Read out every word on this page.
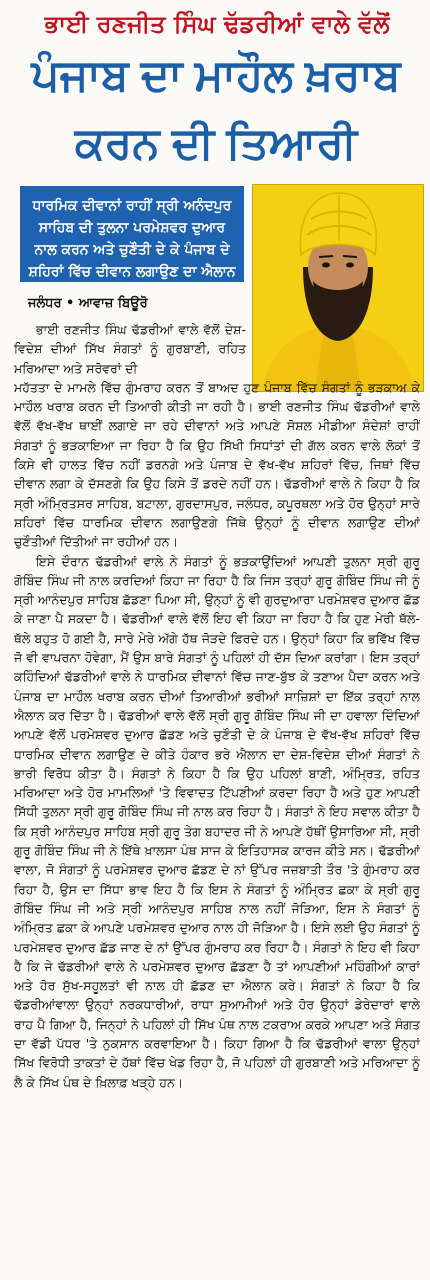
ਭਾਈ ਰਣਜੀਤ ਸਿੰਘ ਢੱਡਰੀਆਂ ਵਾਲੇ ਵੱਲੋਂ
ਪੰਜਾਬ ਦਾ ਮਾਹੌਲ ਖ਼ਰਾਬ
ਕਰਨ ਦੀ ਤਿਆਰੀ
ਧਾਰਮਿਕ ਦੀਵਾਨਾਂ ਰਾਹੀਂ ਸ੍ਰੀ ਅਨੰਦਪੁਰ
ਸਾਹਿਬ ਦੀ ਤੁਲਨਾ ਪਰਮੇਸ਼ਵਰ ਦੁਆਰ
ਨਾਲ ਕਰਨ ਅਤੇ ਚੁਣੌਤੀ ਦੇ ਕੇ ਪੰਜਾਬ ਦੇ
ਸ਼ਹਿਰਾਂ ਵਿੱਚ ਦੀਵਾਨ ਲਗਾਉਣ ਦਾ ਐਲਾਨ
ਜਲੰਧਰ • ਆਵਾਜ਼ ਬਿਊਰੋ

ਭਾਈ ਰਣਜੀਤ ਸਿੰਘ ਢੱਡਰੀਆਂ ਵਾਲੇ ਵੱਲੋਂ ਦੇਸ਼-ਵਿਦੇਸ਼ ਦੀਆਂ ਸਿੱਖ ਸੰਗਤਾਂ ਨੂੰ ਗੁਰਬਾਣੀ, ਰਹਿਤ ਮਰਿਆਦਾ ਅਤੇ ਸਰੋਵਰਾਂ ਦੀ

ਮਹੱਤਤਾ ਦੇ ਮਾਮਲੇ ਵਿੱਚ ਗੁੰਮਰਾਹ ਕਰਨ ਤੋਂ ਬਾਅਦ ਹੁਣ ਪੰਜਾਬ ਵਿੱਚ ਸੰਗਤਾਂ ਨੂੰ ਭੜਕਾਅ ਕੇ ਮਾਹੌਲ ਖਰਾਬ ਕਰਨ ਦੀ ਤਿਆਰੀ ਕੀਤੀ ਜਾ ਰਹੀ ਹੈ। ਭਾਈ ਰਣਜੀਤ ਸਿੰਘ ਢੱਡਰੀਆਂ ਵਾਲੇ ਵੱਲੋਂ ਵੱਖ-ਵੱਖ ਥਾਈਂ ਲਗਾਏ ਜਾ ਰਹੇ ਦੀਵਾਨਾਂ ਅਤੇ ਆਪਣੇ ਸੋਸ਼ਲ ਮੀਡੀਆ ਸੰਦੇਸ਼ਾਂ ਰਾਹੀਂ ਸੰਗਤਾਂ ਨੂੰ ਭੜਕਾਇਆ ਜਾ ਰਿਹਾ ਹੈ ਕਿ ਉਹ ਸਿੱਖੀ ਸਿਧਾਂਤਾਂ ਦੀ ਗੱਲ ਕਰਨ ਵਾਲੇ ਲੋਕਾਂ ਤੋਂ ਕਿਸੇ ਵੀ ਹਾਲਤ ਵਿੱਚ ਨਹੀਂ ਡਰਨਗੇ ਅਤੇ ਪੰਜਾਬ ਦੇ ਵੱਖ-ਵੱਖ ਸ਼ਹਿਰਾਂ ਵਿੱਚ, ਜਿਥਾਂ ਵਿੱਚ ਦੀਵਾਨ ਲਗਾ ਕੇ ਦੱਸਣਗੇ ਕਿ ਉਹ ਕਿਸੇ ਤੋਂ ਡਰਦੇ ਨਹੀਂ ਹਨ। ਢੱਡਰੀਆਂ ਵਾਲੇ ਨੇ ਕਿਹਾ ਹੈ ਕਿ ਸ੍ਰੀ ਅੰਮ੍ਰਿਤਸਰ ਸਾਹਿਬ, ਬਟਾਲਾ, ਗੁਰਦਾਸਪੁਰ, ਜਲੰਧਰ, ਕਪੂਰਥਲਾ ਅਤੇ ਹੋਰ ਉਨ੍ਹਾਂ ਸਾਰੇ ਸ਼ਹਿਰਾਂ ਵਿੱਚ ਧਾਰਮਿਕ ਦੀਵਾਨ ਲਗਾਉਣਗੇ ਜਿੱਥੇ ਉਨ੍ਹਾਂ ਨੂੰ ਦੀਵਾਨ ਲਗਾਉਣ ਦੀਆਂ ਚੁਣੌਤੀਆਂ ਦਿੱਤੀਆਂ ਜਾ ਰਹੀਆਂ ਹਨ।

ਇਸੇ ਦੌਰਾਨ ਢੱਡਰੀਆਂ ਵਾਲੇ ਨੇ ਸੰਗਤਾਂ ਨੂੰ ਭੜਕਾਉਂਦਿਆਂ ਆਪਣੀ ਤੁਲਨਾ ਸ੍ਰੀ ਗੁਰੂ ਗੋਬਿੰਦ ਸਿੰਘ ਜੀ ਨਾਲ ਕਰਦਿਆਂ ਕਿਹਾ ਜਾ ਰਿਹਾ ਹੈ ਕਿ ਜਿਸ ਤਰ੍ਹਾਂ ਗੁਰੂ ਗੋਬਿੰਦ ਸਿੰਘ ਜੀ ਨੂੰ ਸ੍ਰੀ ਆਨੰਦਪੁਰ ਸਾਹਿਬ ਛੱਡਣਾ ਪਿਆ ਸੀ, ਉਨ੍ਹਾਂ ਨੂੰ ਵੀ ਗੁਰਦੁਆਰਾ ਪਰਮੇਸ਼ਵਰ ਦੁਆਰ ਛੱਡ ਕੇ ਜਾਣਾ ਪੈ ਸਕਦਾ ਹੈ। ਢੱਡਰੀਆਂ ਵਾਲੇ ਵੱਲੋਂ ਇਹ ਵੀ ਕਿਹਾ ਜਾ ਰਿਹਾ ਹੈ ਕਿ ਹੁਣ ਮੇਰੀ ਥੱਲੇ-ਥੱਲੇ ਬਹੁਤ ਹੋ ਗਈ ਹੈ, ਸਾਰੇ ਮੇਰੇ ਅੱਗੇ ਹੱਥ ਜੋੜਦੇ ਫਿਰਦੇ ਹਨ। ਉਨ੍ਹਾਂ ਕਿਹਾ ਕਿ ਭਵਿੱਖ ਵਿੱਚ ਜੋ ਵੀ ਵਾਪਰਨਾ ਹੋਵੇਗਾ, ਮੈਂ ਉਸ ਬਾਰੇ ਸੰਗਤਾਂ ਨੂੰ ਪਹਿਲਾਂ ਹੀ ਦੱਸ ਦਿਆ ਕਰਾਂਗਾ। ਇਸ ਤਰ੍ਹਾਂ ਕਹਿੰਦਿਆਂ ਢੱਡਰੀਆਂ ਵਾਲੇ ਨੇ ਧਾਰਮਿਕ ਦੀਵਾਨਾਂ ਵਿੱਚ ਜਾਣ-ਬੁੱਝ ਕੇ ਤਣਾਅ ਪੈਦਾ ਕਰਨ ਅਤੇ ਪੰਜਾਬ ਦਾ ਮਾਹੌਲ ਖਰਾਬ ਕਰਨ ਦੀਆਂ ਤਿਆਰੀਆਂ ਭਰੀਆਂ ਸਾਜ਼ਿਸ਼ਾਂ ਦਾ ਇੱਕ ਤਰ੍ਹਾਂ ਨਾਲ ਐਲਾਨ ਕਰ ਦਿੱਤਾ ਹੈ। ਢੱਡਰੀਆਂ ਵਾਲੇ ਵੱਲੋਂ ਸ੍ਰੀ ਗੁਰੂ ਗੋਬਿੰਦ ਸਿੰਘ ਜੀ ਦਾ ਹਵਾਲਾ ਦਿੰਦਿਆਂ ਆਪਣੇ ਵੱਲੋਂ ਪਰਮੇਸ਼ਵਰ ਦੁਆਰ ਛੱਡਣ ਅਤੇ ਚੁਣੌਤੀ ਦੇ ਕੇ ਪੰਜਾਬ ਦੇ ਵੱਖ-ਵੱਖ ਸ਼ਹਿਰਾਂ ਵਿੱਚ ਧਾਰਮਿਕ ਦੀਵਾਨ ਲਗਾਉਣ ਦੇ ਕੀਤੇ ਹੰਕਾਰ ਭਰੇ ਐਲਾਨ ਦਾ ਦੇਸ਼-ਵਿਦੇਸ਼ ਦੀਆਂ ਸੰਗਤਾਂ ਨੇ ਭਾਰੀ ਵਿਰੋਧ ਕੀਤਾ ਹੈ। ਸੰਗਤਾਂ ਨੇ ਕਿਹਾ ਹੈ ਕਿ ਉਹ ਪਹਿਲਾਂ ਬਾਣੀ, ਅੰਮ੍ਰਿਤ, ਰਹਿਤ ਮਰਿਆਦਾ ਅਤੇ ਹੋਰ ਮਾਮਲਿਆਂ 'ਤੇ ਵਿਵਾਦਤ ਟਿੱਪਣੀਆਂ ਕਰਦਾ ਰਿਹਾ ਹੈ ਅਤੇ ਹੁਣ ਆਪਣੀ ਸਿੱਧੀ ਤੁਲਨਾ ਸ੍ਰੀ ਗੁਰੂ ਗੋਬਿੰਦ ਸਿੰਘ ਜੀ ਨਾਲ ਕਰ ਰਿਹਾ ਹੈ। ਸੰਗਤਾਂ ਨੇ ਇਹ ਸਵਾਲ ਕੀਤਾ ਹੈ ਕਿ ਸ੍ਰੀ ਆਨੰਦਪੁਰ ਸਾਹਿਬ ਸ੍ਰੀ ਗੁਰੂ ਤੇਗ ਬਹਾਦਰ ਜੀ ਨੇ ਆਪਣੇ ਹੱਥੀਂ ਉਸਾਰਿਆ ਸੀ, ਸ੍ਰੀ ਗੁਰੂ ਗੋਬਿੰਦ ਸਿੰਘ ਜੀ ਨੇ ਇੱਥੇ ਖ਼ਾਲਸਾ ਪੰਥ ਸਾਜ ਕੇ ਇਤਿਹਾਸਕ ਕਾਰਜ ਕੀਤੇ ਸਨ। ਢੱਡਰੀਆਂ ਵਾਲਾ, ਜੋ ਸੰਗਤਾਂ ਨੂੰ ਪਰਮੇਸ਼ਵਰ ਦੁਆਰ ਛੱਡਣ ਦੇ ਨਾਂ ਉੱਪਰ ਜਜ਼ਬਾਤੀ ਤੌਰ 'ਤੇ ਗੁੰਮਰਾਹ ਕਰ ਰਿਹਾ ਹੈ, ਉਸ ਦਾ ਸਿੱਧਾ ਭਾਵ ਇਹ ਹੈ ਕਿ ਇਸ ਨੇ ਸੰਗਤਾਂ ਨੂੰ ਅੰਮ੍ਰਿਤ ਛਕਾ ਕੇ ਸ੍ਰੀ ਗੁਰੂ ਗੋਬਿੰਦ ਸਿੰਘ ਜੀ ਅਤੇ ਸ੍ਰੀ ਆਨੰਦਪੁਰ ਸਾਹਿਬ ਨਾਲ ਨਹੀਂ ਜੋੜਿਆ, ਇਸ ਨੇ ਸੰਗਤਾਂ ਨੂੰ ਅੰਮ੍ਰਿਤ ਛਕਾ ਕੇ ਆਪਣੇ ਪਰਮੇਸ਼ਵਰ ਦੁਆਰ ਨਾਲ ਹੀ ਜੋੜਿਆ ਹੈ। ਇਸੇ ਲਈ ਉਹ ਸੰਗਤਾਂ ਨੂੰ ਪਰਮੇਸ਼ਵਰ ਦੁਆਰ ਛੱਡ ਜਾਣ ਦੇ ਨਾਂ ਉੱਪਰ ਗੁੰਮਰਾਹ ਕਰ ਰਿਹਾ ਹੈ। ਸੰਗਤਾਂ ਨੇ ਇਹ ਵੀ ਕਿਹਾ ਹੈ ਕਿ ਜੇ ਢੱਡਰੀਆਂ ਵਾਲੇ ਨੇ ਪਰਮੇਸ਼ਵਰ ਦੁਆਰ ਛੱਡਣਾ ਹੈ ਤਾਂ ਆਪਣੀਆਂ ਮਹਿੰਗੀਆਂ ਕਾਰਾਂ ਅਤੇ ਹੋਰ ਸੁੱਖ-ਸਹੂਲਤਾਂ ਵੀ ਨਾਲ ਹੀ ਛੱਡਣ ਦਾ ਐਲਾਨ ਕਰੇ। ਸੰਗਤਾਂ ਨੇ ਕਿਹਾ ਹੈ ਕਿ ਢੱਡਰੀਆਂਵਾਲਾ ਉਨ੍ਹਾਂ ਨਰਕਧਾਰੀਆਂ, ਰਾਧਾ ਸੁਆਮੀਆਂ ਅਤੇ ਹੋਰ ਉਨ੍ਹਾਂ ਡੇਰੇਦਾਰਾਂ ਵਾਲੇ ਰਾਹ ਪੈ ਗਿਆ ਹੈ, ਜਿਨ੍ਹਾਂ ਨੇ ਪਹਿਲਾਂ ਹੀ ਸਿੱਖ ਪੰਥ ਨਾਲ ਟਕਰਾਅ ਕਰਕੇ ਆਪਣਾ ਅਤੇ ਸੰਗਤ ਦਾ ਵੱਡੀ ਪੱਧਰ 'ਤੇ ਨੁਕਸਾਨ ਕਰਵਾਇਆ ਹੈ। ਕਿਹਾ ਗਿਆ ਹੈ ਕਿ ਢੱਡਰੀਆਂ ਵਾਲਾ ਉਨ੍ਹਾਂ ਸਿੱਖ ਵਿਰੋਧੀ ਤਾਕਤਾਂ ਦੇ ਹੱਥਾਂ ਵਿੱਚ ਖੇਡ ਰਿਹਾ ਹੈ, ਜੋ ਪਹਿਲਾਂ ਹੀ ਗੁਰਬਾਣੀ ਅਤੇ ਮਰਿਆਦਾ ਨੂੰ ਲੈ ਕੇ ਸਿੱਖ ਪੰਥ ਦੇ ਖ਼ਿਲਾਫ਼ ਖੜ੍ਹੇ ਹਨ।
